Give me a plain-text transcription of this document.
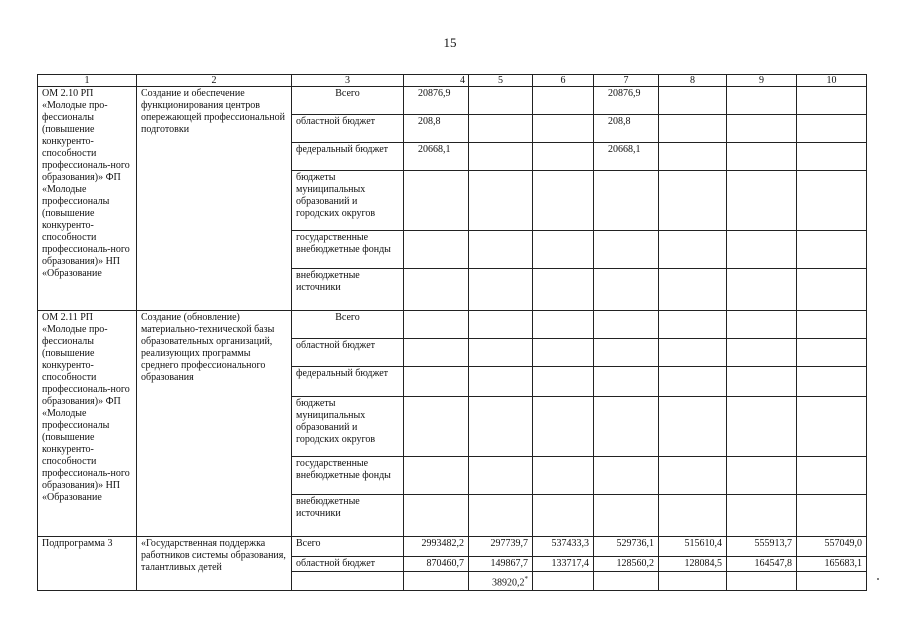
15
1	2	3	4	5	6	7	8	9	10
ОМ 2.10 РП «Молодые про-фессионалы (повышение конкуренто-способности профессиональ-ного образования)» ФП «Молодые профессионалы (повышение конкуренто-способности профессиональ-ного образования)» НП «Образование	Создание и обеспечение функционирования центров опережающей профессиональной подготовки	Всего	20876,9			20876,9			
		областной бюджет	208,8			208,8			
		федеральный бюджет	20668,1			20668,1			
		бюджеты муниципальных образований и городских округов							
		государственные внебюджетные фонды							
		внебюджетные источники							
ОМ 2.11 РП «Молодые про-фессионалы (повышение конкуренто-способности профессиональ-ного образования)» ФП «Молодые профессионалы (повышение конкуренто-способности профессиональ-ного образования)» НП «Образование	Создание (обновление) материально-технической базы образовательных организаций, реализующих программы среднего профессионального образования	Всего							
		областной бюджет							
		федеральный бюджет							
		бюджеты муниципальных образований и городских округов							
		государственные внебюджетные фонды							
		внебюджетные источники							
Подпрограмма 3	«Государственная поддержка работников системы образования, талантливых детей	Всего	2993482,2	297739,7	537433,3	529736,1	515610,4	555913,7	557049,0
		областной бюджет	870460,7	149867,7	133717,4	128560,2	128084,5	164547,8	165683,1
				38920,2*					
